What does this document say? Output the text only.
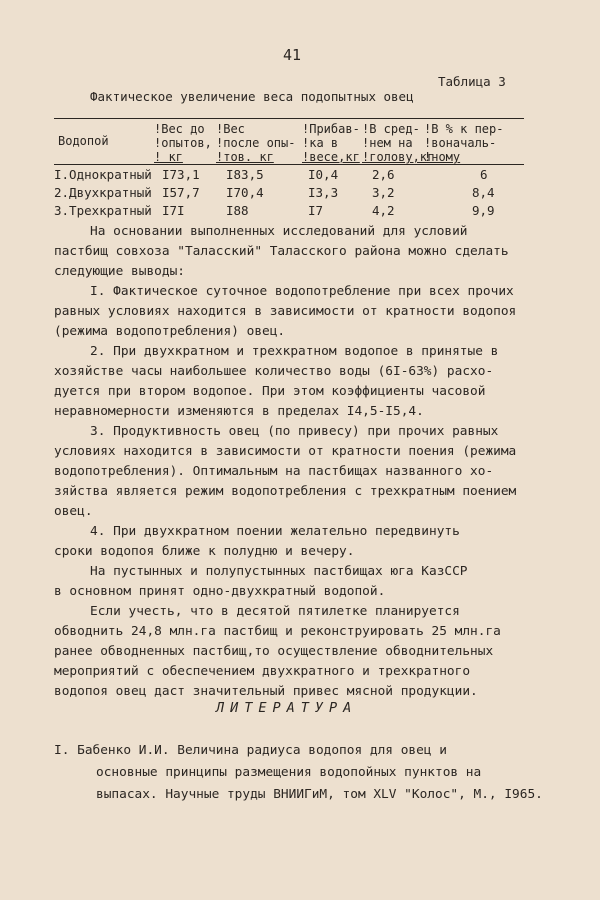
41
Таблица 3
Фактическое увеличение веса подопытных овец
Водопой
!Вес до
!опытов,
! кг
!Вес
!после опы-
!тов. кг
!Прибав-
!ка в
!весе,кг
!В сред-
!нем на
!голову,кг
!В % к пер-
!воначаль-
!ному
I.Однократный I73,1 I83,5	I0,4	2,6	6
2.Двухкратный I57,7 I70,4	I3,3	3,2	8,4
3.Трехкратный I7I	I88	I7	4,2	9,9
На основании выполненных исследований для условий
пастбищ совхоза "Таласский" Таласского района можно сделать
следующие выводы:
I. Фактическое суточное водопотребление при всех прочих
равных условиях находится в зависимости от кратности водопоя
(режима водопотребления) овец.
2. При двухкратном и трехкратном водопое в принятые в
хозяйстве часы наибольшее количество воды (6I-63%) расхо-
дуется при втором водопое. При этом коэффициенты часовой
неравномерности изменяются в пределах I4,5-I5,4.
3. Продуктивность овец (по привесу) при прочих равных
условиях находится в зависимости от кратности поения (режима
водопотребления). Оптимальным на пастбищах названного хо-
зяйства является режим водопотребления с трехкратным поением
овец.
4. При двухкратном поении желательно передвинуть
сроки водопоя ближе к полудню и вечеру.
На пустынных и полупустынных пастбищах юга КазССР
в основном принят одно-двухкратный водопой.
Если учесть, что в десятой пятилетке планируется
обводнить 24,8 млн.га пастбищ и реконструировать 25 млн.га
ранее обводненных пастбищ,то осуществление обводнительных
мероприятий с обеспечением двухкратного и трехкратного
водопоя овец даст значительный привес мясной продукции.
ЛИТЕРАТУРА
I. Бабенко И.И. Величина радиуса водопоя для овец и
основные принципы размещения водопойных пунктов на
выпасах. Научные труды ВНИИГиМ, том XLV "Колос", М., I965.
